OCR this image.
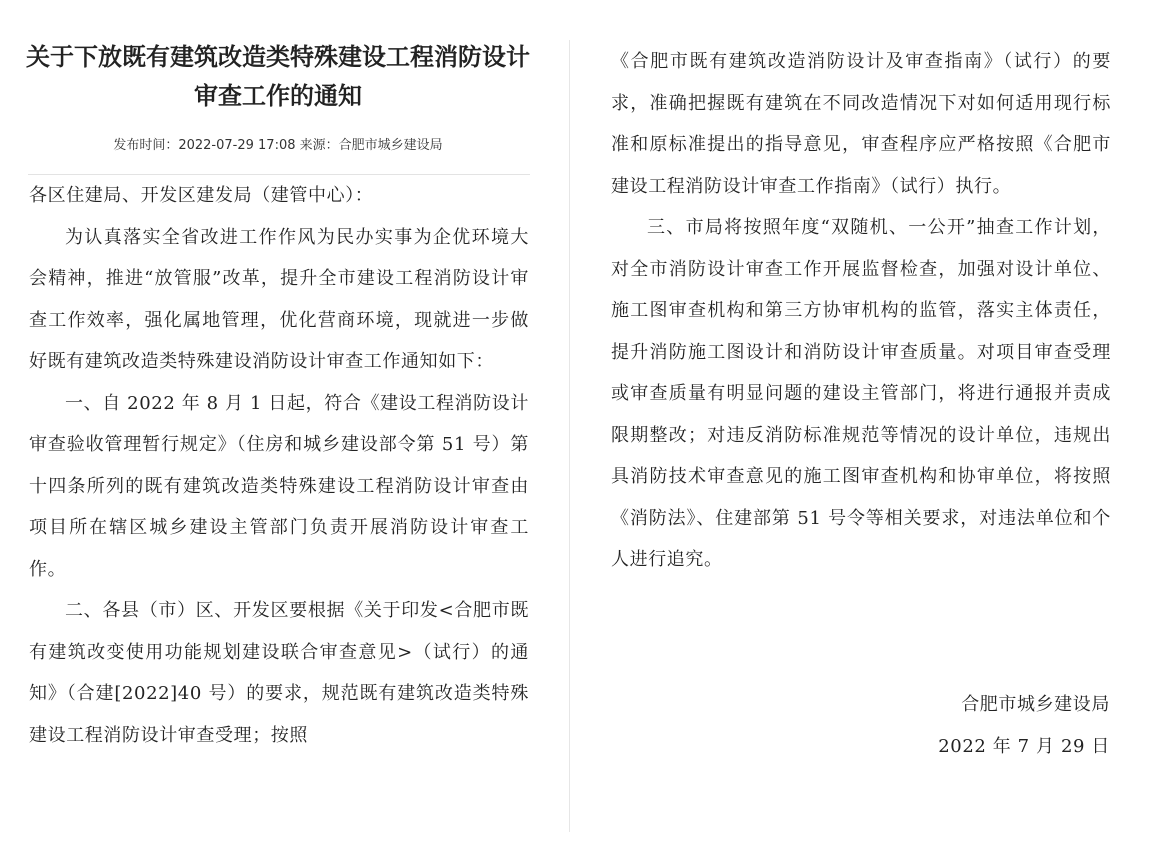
关于下放既有建筑改造类特殊建设工程消防设计审查工作的通知
发布时间：2022-07-29 17:08 来源：合肥市城乡建设局

各区住建局、开发区建发局（建管中心）：

为认真落实全省改进工作作风为民办实事为企优环境大会精神，推进“放管服”改革，提升全市建设工程消防设计审查工作效率，强化属地管理，优化营商环境，现就进一步做好既有建筑改造类特殊建设消防设计审查工作通知如下：

一、自 2022 年 8 月 1 日起，符合《建设工程消防设计审查验收管理暂行规定》（住房和城乡建设部令第 51 号）第十四条所列的既有建筑改造类特殊建设工程消防设计审查由项目所在辖区城乡建设主管部门负责开展消防设计审查工作。

二、各县（市）区、开发区要根据《关于印发<合肥市既有建筑改变使用功能规划建设联合审查意见>（试行）的通知》（合建[2022]40 号）的要求，规范既有建筑改造类特殊建设工程消防设计审查受理；按照

《合肥市既有建筑改造消防设计及审查指南》（试行）的要求，准确把握既有建筑在不同改造情况下对如何适用现行标准和原标准提出的指导意见，审查程序应严格按照《合肥市建设工程消防设计审查工作指南》（试行）执行。

三、市局将按照年度“双随机、一公开”抽查工作计划，对全市消防设计审查工作开展监督检查，加强对设计单位、施工图审查机构和第三方协审机构的监管，落实主体责任，提升消防施工图设计和消防设计审查质量。对项目审查受理或审查质量有明显问题的建设主管部门，将进行通报并责成限期整改；对违反消防标准规范等情况的设计单位，违规出具消防技术审查意见的施工图审查机构和协审单位，将按照《消防法》、住建部第 51 号令等相关要求，对违法单位和个人进行追究。

合肥市城乡建设局
2022 年 7 月 29 日
